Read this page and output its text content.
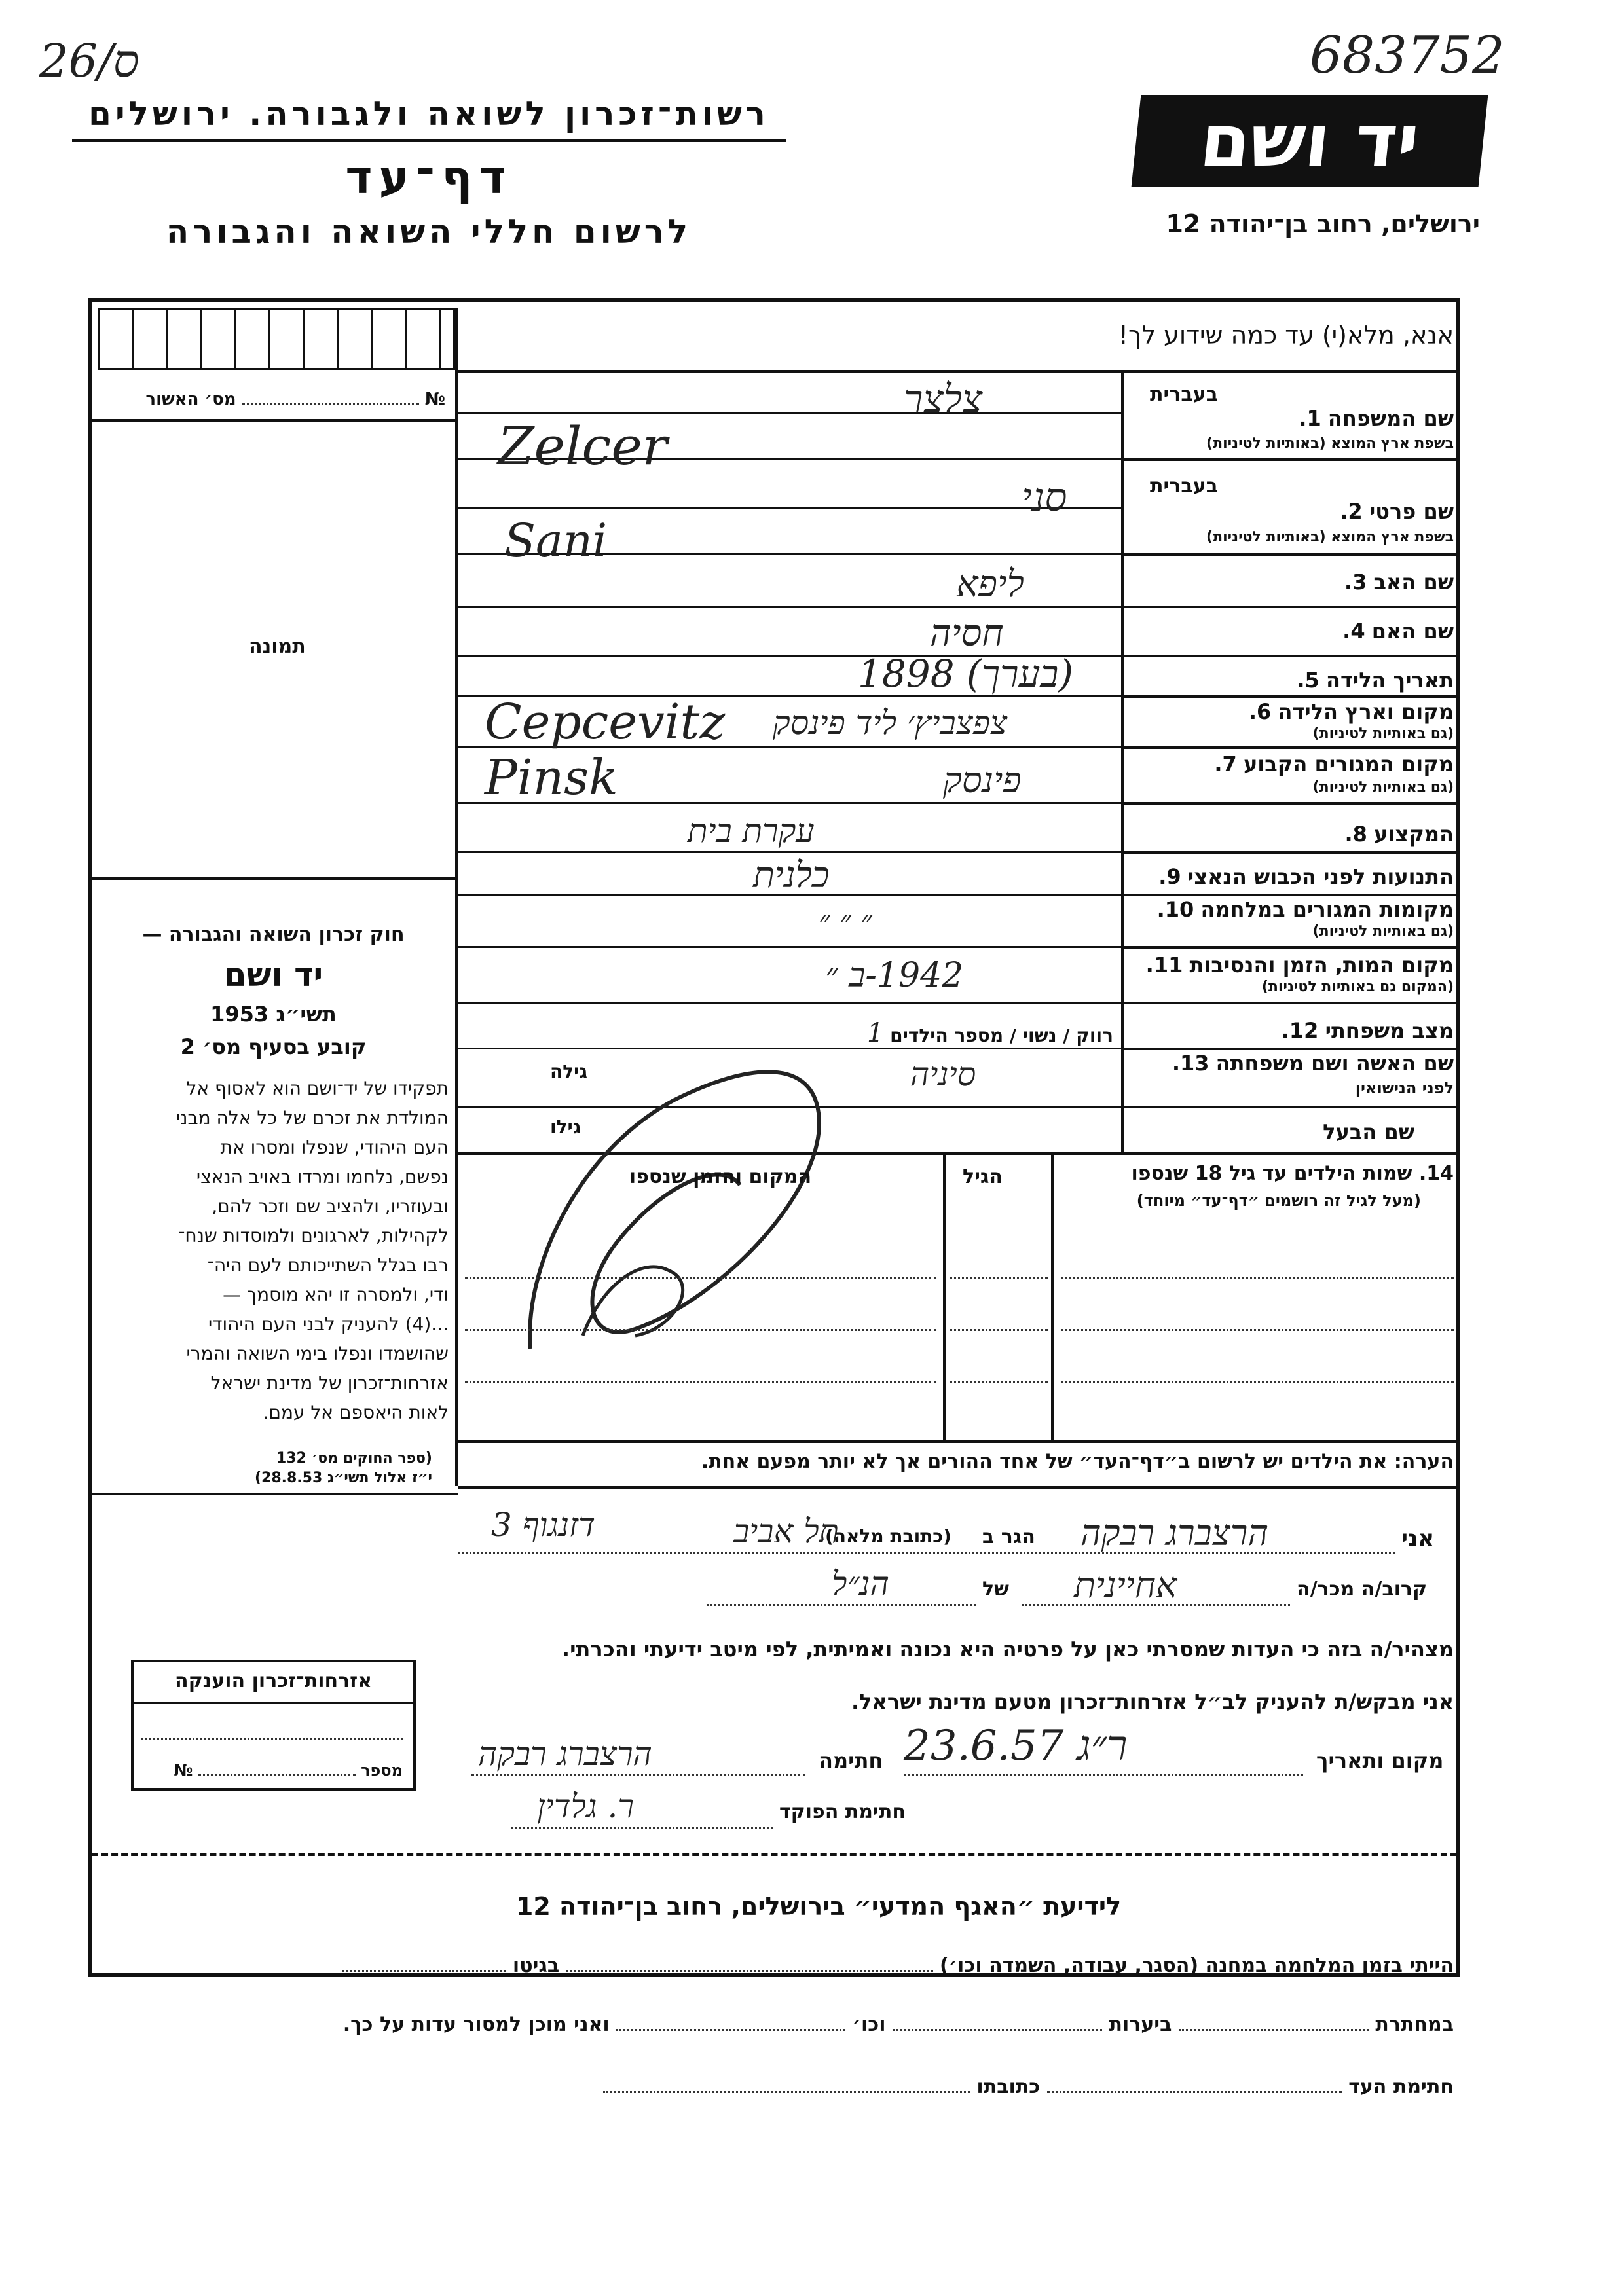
26/ס	683752
רשות־זכרון לשואה ולגבורה. ירושלים
דף־עד
לרשום חללי השואה והגבורה
יד ושם
ירושלים, רחוב בן־יהודה 12
אנא, מלא(י) עד כמה שידוע לך!
№  מס׳ האשור
תמונה
חוק זכרון השואה והגבורה —
יד ושם
תשי״ג 1953
קובע בסעיף מס׳ 2
תפקידו של יד־ושם הוא לאסוף אל
המולדת את זכרם של כל אלה מבני
העם היהודי, שנפלו ומסרו את
נפשם, נלחמו ומרדו באויב הנאצי
ובעוזריו, ולהציב שם וזכר להם,
לקהילות, לארגונים ולמוסדות שנח־
רבו בגלל השתייכותם לעם היה־
ודי, ולמסרה זו יהא מוסמך —
...(4) להעניק לבני העם היהודי
שהושמדו ונפלו בימי השואה והמרי
אזרחות־זכרון של מדינת ישראל
לאות היאספם אל עמם.
(ספר החוקים מס׳ 132
י״ז אלול תשי״ג 28.8.53)
בעברית
שם המשפחה 1.
בשפת ארץ המוצא (באותיות לטיניות)
בעברית
שם פרטי 2.
בשפת ארץ המוצא (באותיות לטיניות)
שם האב 3.
שם האם 4.
תאריך הלידה 5.
מקום וארץ הלידה 6.
(גם באותיות לטיניות)
מקום המגורים הקבוע 7.
(גם באותיות לטיניות)
המקצוע 8.
התנועות לפני הכבוש הנאצי 9.
מקומות המגורים במלחמה 10.
(גם באותיות לטיניות)
מקום המות, הזמן והנסיבות 11.
(המקום גם באותיות לטיניות)
מצב משפחתי 12.
שם האשה ושם משפחתה 13.
לפני הנישואין
שם הבעל
צלצר
Zelcer
סני
Sani
ליפא
חסיה
(בערך) 1898
Cepcevitz צפצביץ׳ ליד פינסק
Pinsk	פינסק
עקרת בית
כלנית
״ ״ ״
1942-ב ״
רווק / נשוי / מספר הילדים 1
סיניה
גילה
גילו
14. שמות הילדים עד גיל 18 שנספו
(מעל לגיל זה רושמים ״דף־עד״ מיוחד)
הגיל
המקום והזמן שנספו
הערה: את הילדים יש לרשום ב״דף־העד״ של אחד ההורים אך לא יותר מפעם אחת.
אני
הרצברג רבקה
הגר ב
(כתובת מלאה)
תל אביב
דזנגוף 3
קרוב/ה מכר/ה
אחיינית
של
הנ״ל
מצהיר/ה בזה כי העדות שמסרתי כאן על פרטיה היא נכונה ואמיתית, לפי מיטב ידיעתי והכרתי.
אני מבקש/ת להעניק לב״ל אזרחות־זכרון מטעם מדינת ישראל.
מקום ותאריך
ר״ג 23.6.57
חתימה
הרצברג רבקה
חתימת הפוקד
ר. גלדין
אזרחות־זכרון הוענקה
מספר  №
לידיעת ״האגף המדעי״ בירושלים, רחוב בן־יהודה 12
הייתי בזמן המלחמה במחנה (הסגר, עבודה, השמדה וכו׳)  בגיטו
במחתרת  ביערות  וכו׳  ואני מוכן למסור עדות על כך.
חתימת העד  כתובתו
